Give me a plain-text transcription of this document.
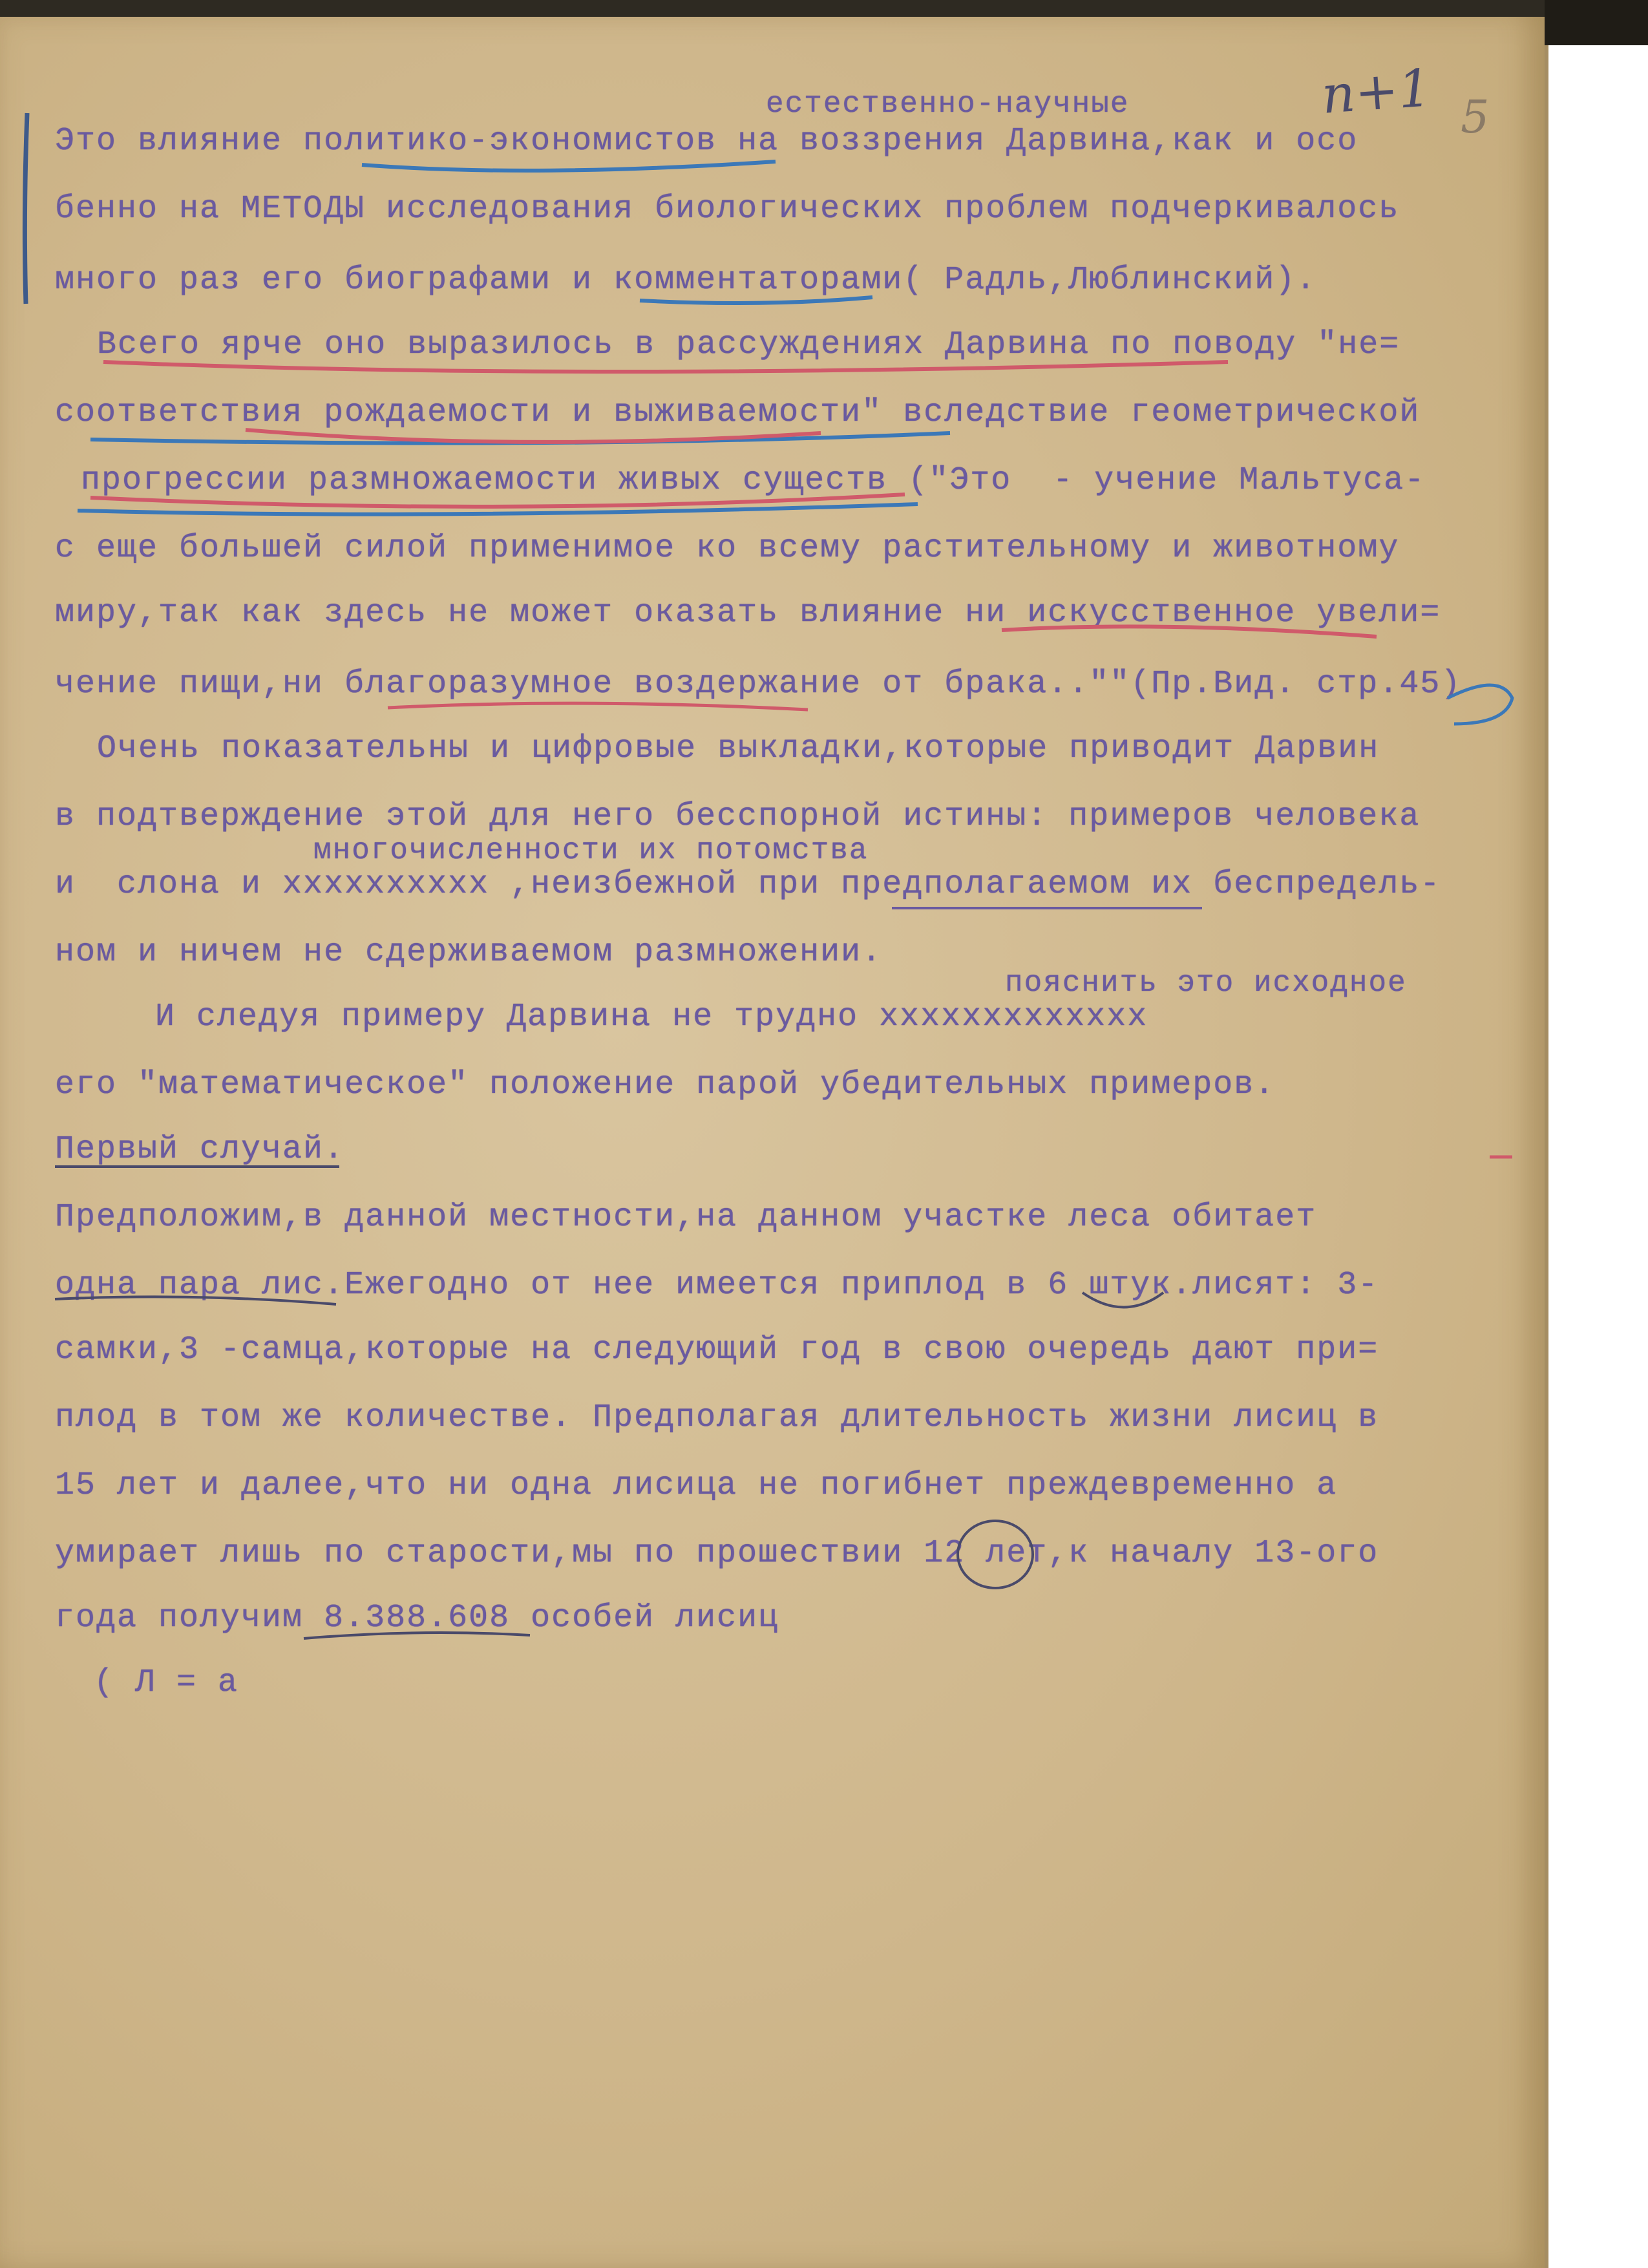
п+1 5
естественно-научные
Это влияние политико-экономистов на воззрения Дарвина,как и осо
бенно на МЕТОДЫ исследования биологических проблем подчеркивалось
много раз его биографами и комментаторами( Радль,Люблинский).
Всего ярче оно выразилось в рассуждениях Дарвина по поводу "не=
соответствия рождаемости и выживаемости" вследствие геометрической
прогрессии размножаемости живых существ ("Это  - учение Мальтуса-
с еще большей силой применимое ко всему растительному и животному
миру,так как здесь не может оказать влияние ни искусственное увели=
чение пищи,ни благоразумное воздержание от брака..""(Пр.Вид. стр.45)
Очень показательны и цифровые выкладки,которые приводит Дарвин
в подтверждение этой для него бесспорной истины: примеров человека
многочисленности их потомства
и  слона и xxxxxxxxxx ,неизбежной при предполагаемом их беспредель-
ном и ничем не сдерживаемом размножении.
пояснить это исходное
И следуя примеру Дарвина не трудно xxxxxxxxxxxxx
его "математическое" положение парой убедительных примеров.
Первый случай.
Предположим,в данной местности,на данном участке леса обитает
одна пара лис.Ежегодно от нее имеется приплод в 6 штук.лисят: 3-
самки,3 -самца,которые на следующий год в свою очередь дают при=
плод в том же количестве. Предполагая длительность жизни лисиц в
15 лет и далее,что ни одна лисица не погибнет преждевременно а
умирает лишь по старости,мы по прошествии 12 лет,к началу 13-ого
года получим 8.388.608 особей лисиц
( Л = а
